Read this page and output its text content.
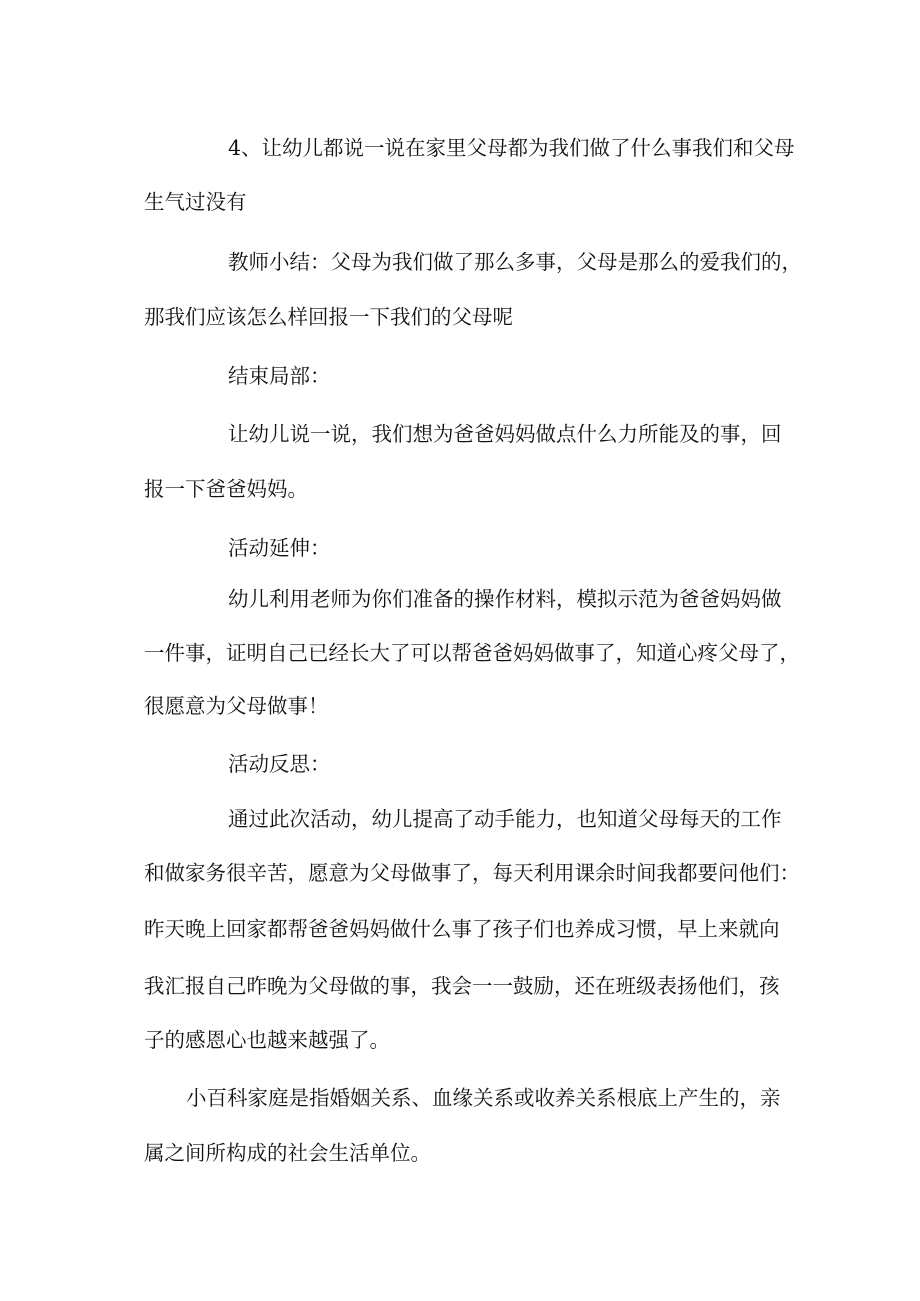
4、让幼儿都说一说在家里父母都为我们做了什么事我们和父母
生气过没有
教师小结：父母为我们做了那么多事，父母是那么的爱我们的，
那我们应该怎么样回报一下我们的父母呢
结束局部：
让幼儿说一说，我们想为爸爸妈妈做点什么力所能及的事，回
报一下爸爸妈妈。
活动延伸：
幼儿利用老师为你们准备的操作材料，模拟示范为爸爸妈妈做
一件事，证明自己已经长大了可以帮爸爸妈妈做事了，知道心疼父母了，
很愿意为父母做事！
活动反思：
通过此次活动，幼儿提高了动手能力，也知道父母每天的工作
和做家务很辛苦，愿意为父母做事了，每天利用课余时间我都要问他们：
昨天晚上回家都帮爸爸妈妈做什么事了孩子们也养成习惯，早上来就向
我汇报自己昨晚为父母做的事，我会一一鼓励，还在班级表扬他们，孩
子的感恩心也越来越强了。
小百科家庭是指婚姻关系、血缘关系或收养关系根底上产生的，亲
属之间所构成的社会生活单位。
